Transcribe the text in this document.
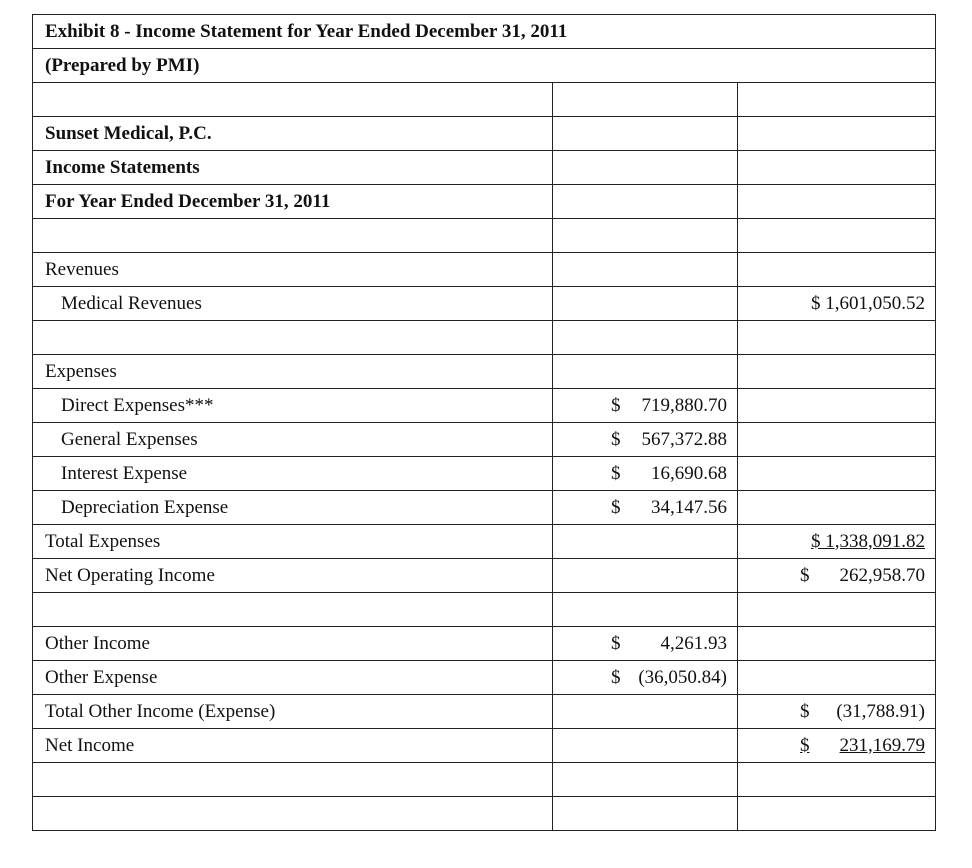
Exhibit 8 - Income Statement for Year Ended December 31, 2011		
(Prepared by PMI)		

Sunset Medical, P.C.		
Income Statements		
For Year Ended December 31, 2011		

Revenues		
Medical Revenues		$ 1,601,050.52

Expenses		
Direct Expenses***	$ 719,880.70	

General Expenses	$ 567,372.88	

Interest Expense	$ 16,690.68	

Depreciation Expense	$ 34,147.56	

Total Expenses		$ 1,338,091.82

Net Operating Income		$ 262,958.70

Other Income	$ 4,261.93	

Other Expense	$ (36,050.84)	

Total Other Income (Expense)		$ (31,788.91)

Net Income		$ 231,169.79
